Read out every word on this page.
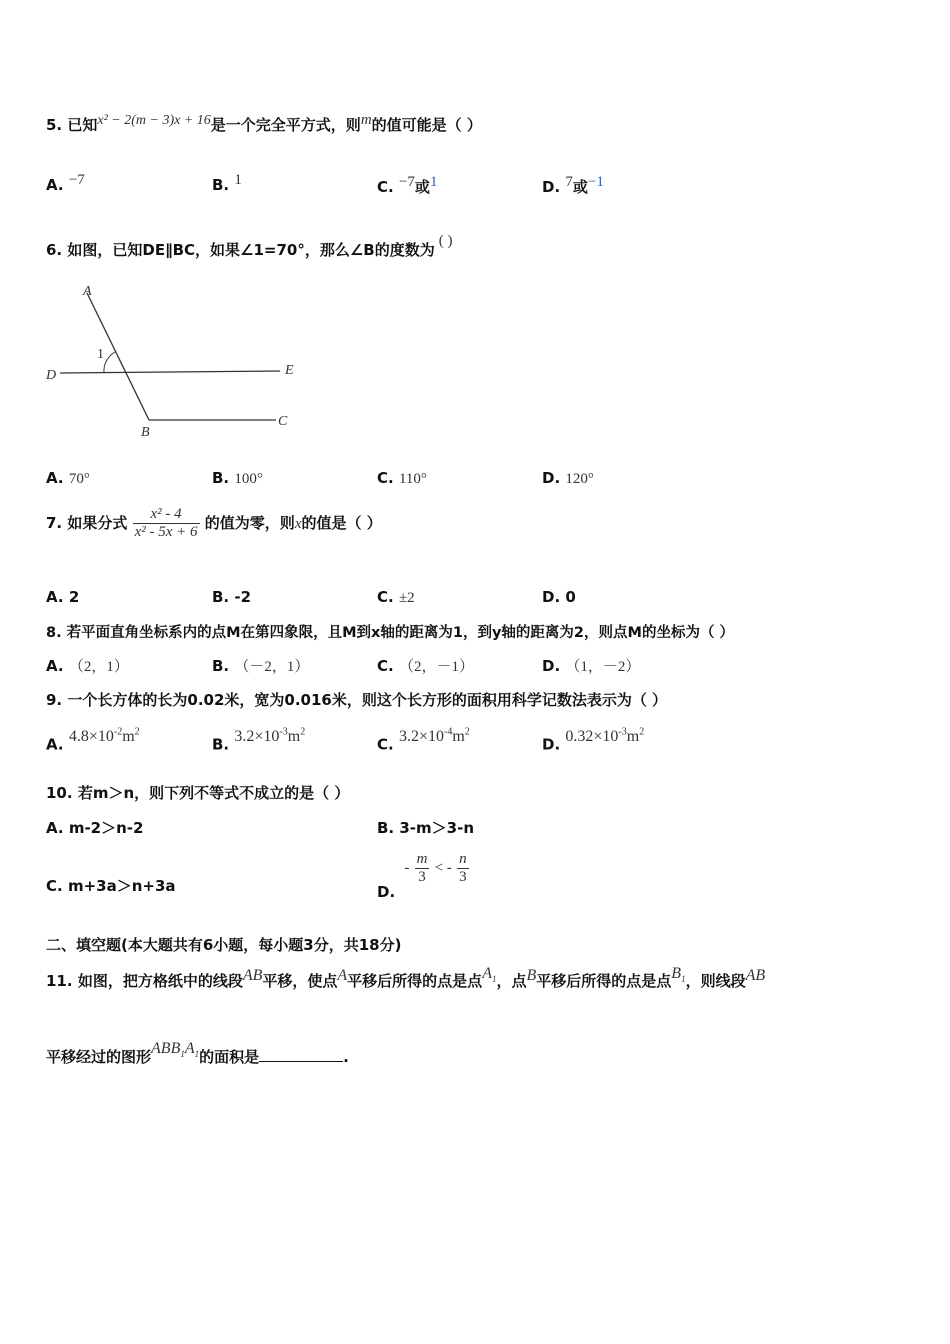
5. 已知x² − 2(m − 3)x + 16是一个完全平方式，则m的值可能是（ ）
A. −7	B. 1	C. −7或1	D. 7或−1
6. 如图，已知DE∥BC，如果∠1=70°，那么∠B的度数为 ( )
A
1
D	E
B
C
A. 70°	B. 100°	C. 110°	D. 120°
7. 如果分式 $\frac{\text{x² - 4}}{\text{x² - 5x + 6}}$ 的值为零，则x的值是（ ）
A. 2	B. -2	C. ±2	D. 0
8. 若平面直角坐标系内的点M在第四象限，且M到x轴的距离为1，到y轴的距离为2，则点M的坐标为（ ）
A. （2，1）	B. （－2，1）	C. （2，－1）	D. （1，－2）
9. 一个长方体的长为0.02米，宽为0.016米，则这个长方形的面积用科学记数法表示为（ ）
A. $4.8\times 10^{-2}m^2$
B. $3.2\times 10^{-3}m^2$
C. $3.2\times 10^{-4}m^2$
D. $0.32\times 10^{-3}m^2$
10. 若m＞n，则下列不等式不成立的是（ ）
A. m-2＞n-2	B. 3-m＞3-n
C. m+3a＞n+3a	D. - $\frac{m}{3}$ < - $\frac{n}{3}$
二、填空题(本大题共有6小题，每小题3分，共18分)
11. 如图，把方格纸中的线段AB平移，使点A平移后所得的点是点$A_1$，点B平移后所得的点是点$B_1$，则线段AB
平移经过的图形$ABB_1A_1$的面积是	.
